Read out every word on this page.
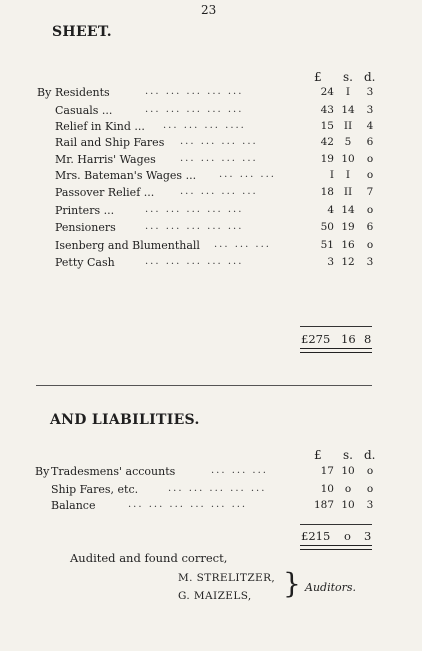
23
SHEET.
£ s. d.
By Residents	... ... ... ... ...	24	I	3
Casuals ...	... ... ... ... ...	43 14	3
Relief in Kind ... ... ... ... ....	15 II	4
Rail and Ship Fares ... ... ... ...	42	5	6
Mr. Harris' Wages ... ... ... ...	19 10	o
Mrs. Bateman's Wages ... ... ... ...	I	I	o
Passover Relief ...	... ... ... ...	18 II	7
Printers ...	... ... ... ... ...	4 14	o
Pensioners	... ... ... ... ...	50 19	6
Isenberg and Blumenthall ... ... ...	51 16	o
Petty Cash	... ... ... ... ...	3 12	3
£275 16 8
AND LIABILITIES.
£ s. d.
By Tradesmens' accounts	... ... ...	17 10	o
Ship Fares, etc.	... ... ... ... ...	10	o	o
Balance	... ... ... ... ... ...	187 10	3
£215 o 3
Audited and found correct,
M. STRELITZER,
G. MAIZELS, } Auditors.
